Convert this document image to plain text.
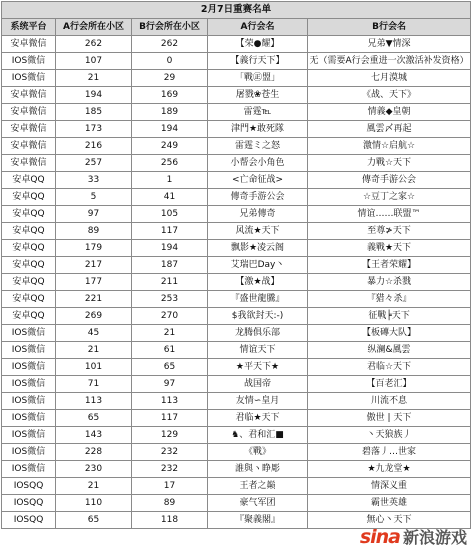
2月7日重赛名单				
系统平台	A行会所在小区	B行会所在小区	A行会名	B行会名
安卓微信	262	262	【荣●耀】	兄弟▼情深
IOS微信	107	0	【義行天下】	无（需要A行会重进一次激活补发资格）
IOS微信	21	29	「戰㊣盟」	七月漠城
安卓微信	194	169	屠戮❀苍生	《战、天下》
安卓微信	185	189	雷霆℡	情義◆皇朝
安卓微信	173	194	津門★敢死隊	風雲〆再起
安卓微信	216	249	雷霆ミ之怒	激情☆启航☆
安卓微信	257	256	小帮会小角色	力戰☆天下
安卓QQ	33	1	<亡命征战>	傳奇手游公会
安卓QQ	5	41	傳奇手游公会	☆豆丁之家☆
安卓QQ	97	105	兄弟傳奇	情谊……联盟™
安卓QQ	89	117	风流★天下	至尊≯天下
安卓QQ	179	194	飘影★凌云阁	義戰★天下
安卓QQ	217	187	艾瑞巴Day丶	【王者荣耀】
安卓QQ	177	211	【激★战】	暴力☆杀戮
安卓QQ	221	253	『盛世龍騰』	『猎々杀』
安卓QQ	269	270	$我欲封天:-)	征戰╞天下
IOS微信	45	21	龙腾俱乐部	【板磚大队】
IOS微信	21	61	情谊天下	纵澜&風雲
IOS微信	101	65	★平天下★	君临☆天下
IOS微信	71	97	战国帝	【百老汇】
IOS微信	113	113	友情∽皇月	川流不息
IOS微信	65	117	君临★天下	傲世 | 天下
IOS微信	143	129	♞、君和汇■	丶天狼族丿
IOS微信	228	232	《戰》	碧落丿…世家
IOS微信	230	232	誰與ヽ睁彫	★九龙堂★
IOSQQ	21	17	王者之巅	情深义重
IOSQQ	110	89	豪气军团	霸世英雄
IOSQQ	65	118	『聚義閣』	無心丶天下
sina 新浪游戏
